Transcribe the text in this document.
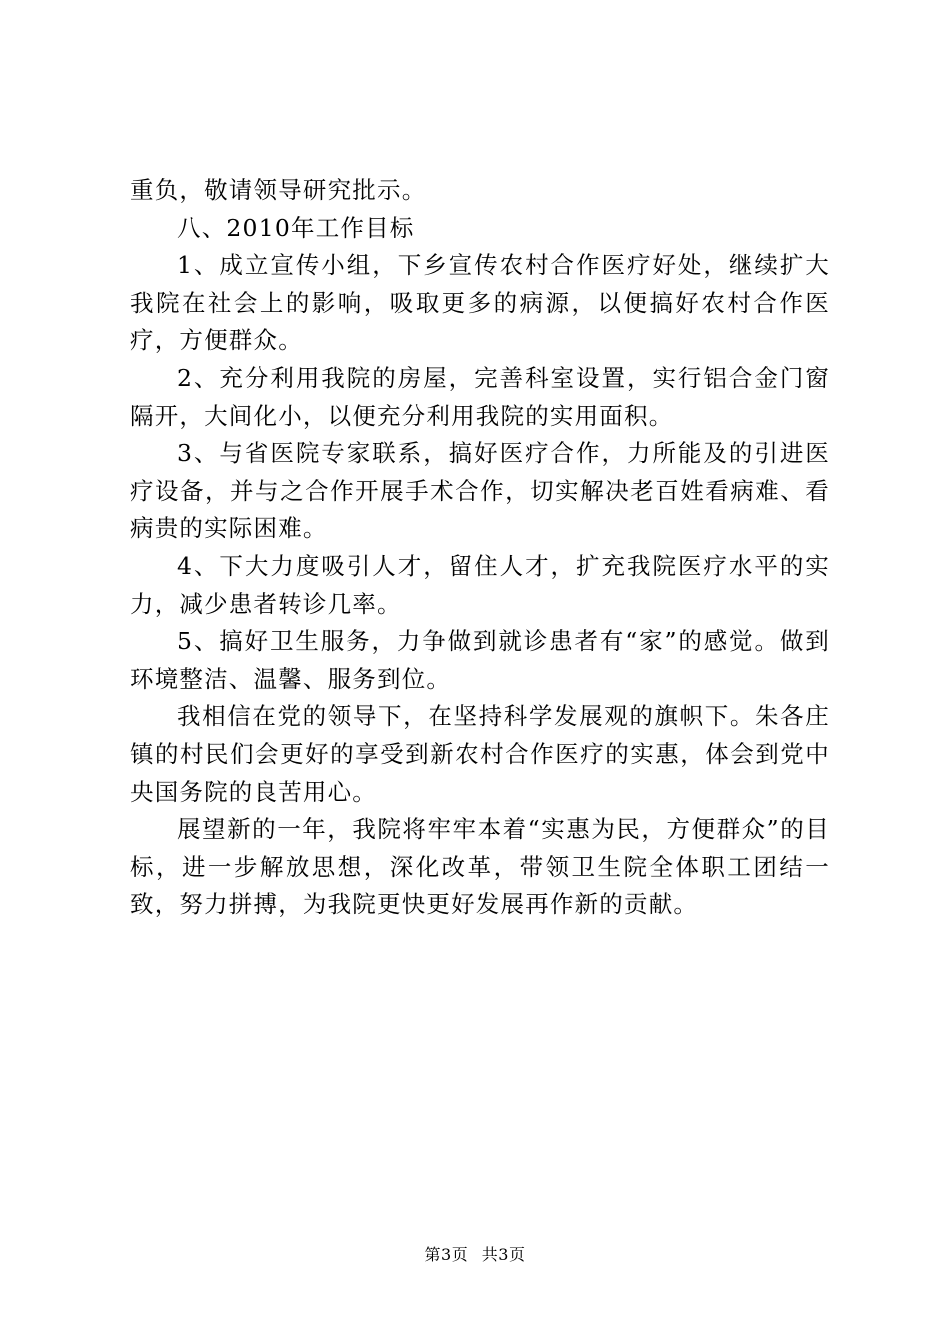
重负，敬请领导研究批示。

八、2010年工作目标

1、成立宣传小组，下乡宣传农村合作医疗好处，继续扩大我院在社会上的影响，吸取更多的病源，以便搞好农村合作医疗，方便群众。

2、充分利用我院的房屋，完善科室设置，实行铝合金门窗隔开，大间化小，以便充分利用我院的实用面积。

3、与省医院专家联系，搞好医疗合作，力所能及的引进医疗设备，并与之合作开展手术合作，切实解决老百姓看病难、看病贵的实际困难。

4、下大力度吸引人才，留住人才，扩充我院医疗水平的实力，减少患者转诊几率。

5、搞好卫生服务，力争做到就诊患者有“家”的感觉。做到环境整洁、温馨、服务到位。

我相信在党的领导下，在坚持科学发展观的旗帜下。朱各庄镇的村民们会更好的享受到新农村合作医疗的实惠，体会到党中央国务院的良苦用心。

展望新的一年，我院将牢牢本着“实惠为民，方便群众”的目标，进一步解放思想，深化改革，带领卫生院全体职工团结一致，努力拼搏，为我院更快更好发展再作新的贡献。

第3页 共3页
